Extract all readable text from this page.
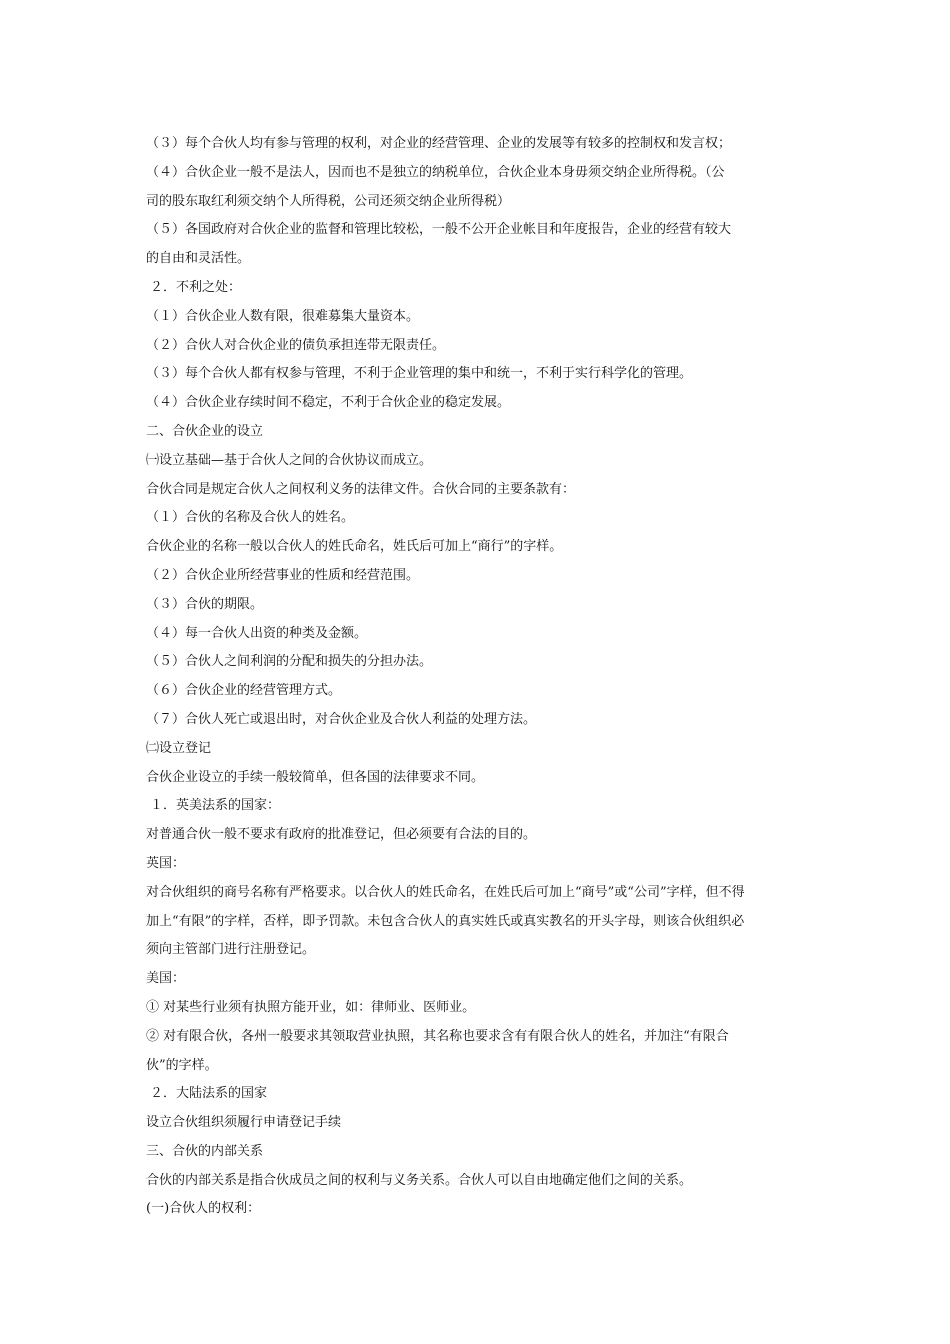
（３）每个合伙人均有参与管理的权利，对企业的经营管理、企业的发展等有较多的控制权和发言权；
（４）合伙企业一般不是法人，因而也不是独立的纳税单位，合伙企业本身毋须交纳企业所得税。（公
司的股东取红利须交纳个人所得税，公司还须交纳企业所得税）
（５）各国政府对合伙企业的监督和管理比较松，一般不公开企业帐目和年度报告，企业的经营有较大
的自由和灵活性。
２．不利之处：
（１）合伙企业人数有限，很难募集大量资本。
（２）合伙人对合伙企业的债负承担连带无限责任。
（３）每个合伙人都有权参与管理，不利于企业管理的集中和统一，不利于实行科学化的管理。
（４）合伙企业存续时间不稳定，不利于合伙企业的稳定发展。
二、合伙企业的设立
㈠设立基础—基于合伙人之间的合伙协议而成立。
合伙合同是规定合伙人之间权利义务的法律文件。合伙合同的主要条款有：
（１）合伙的名称及合伙人的姓名。
合伙企业的名称一般以合伙人的姓氏命名，姓氏后可加上“商行”的字样。
（２）合伙企业所经营事业的性质和经营范围。
（３）合伙的期限。
（４）每一合伙人出资的种类及金额。
（５）合伙人之间利润的分配和损失的分担办法。
（６）合伙企业的经营管理方式。
（７）合伙人死亡或退出时，对合伙企业及合伙人利益的处理方法。
㈡设立登记
合伙企业设立的手续一般较简单，但各国的法律要求不同。
１．英美法系的国家：
对普通合伙一般不要求有政府的批准登记，但必须要有合法的目的。
英国：
对合伙组织的商号名称有严格要求。以合伙人的姓氏命名，在姓氏后可加上“商号”或“公司”字样，但不得
加上“有限”的字样，否样，即予罚款。未包含合伙人的真实姓氏或真实教名的开头字母，则该合伙组织必
须向主管部门进行注册登记。
美国：
① 对某些行业须有执照方能开业，如：律师业、医师业。
② 对有限合伙，各州一般要求其领取营业执照，其名称也要求含有有限合伙人的姓名，并加注“有限合
伙”的字样。
２．大陆法系的国家
设立合伙组织须履行申请登记手续
三、合伙的内部关系
合伙的内部关系是指合伙成员之间的权利与义务关系。合伙人可以自由地确定他们之间的关系。
(一)合伙人的权利：
